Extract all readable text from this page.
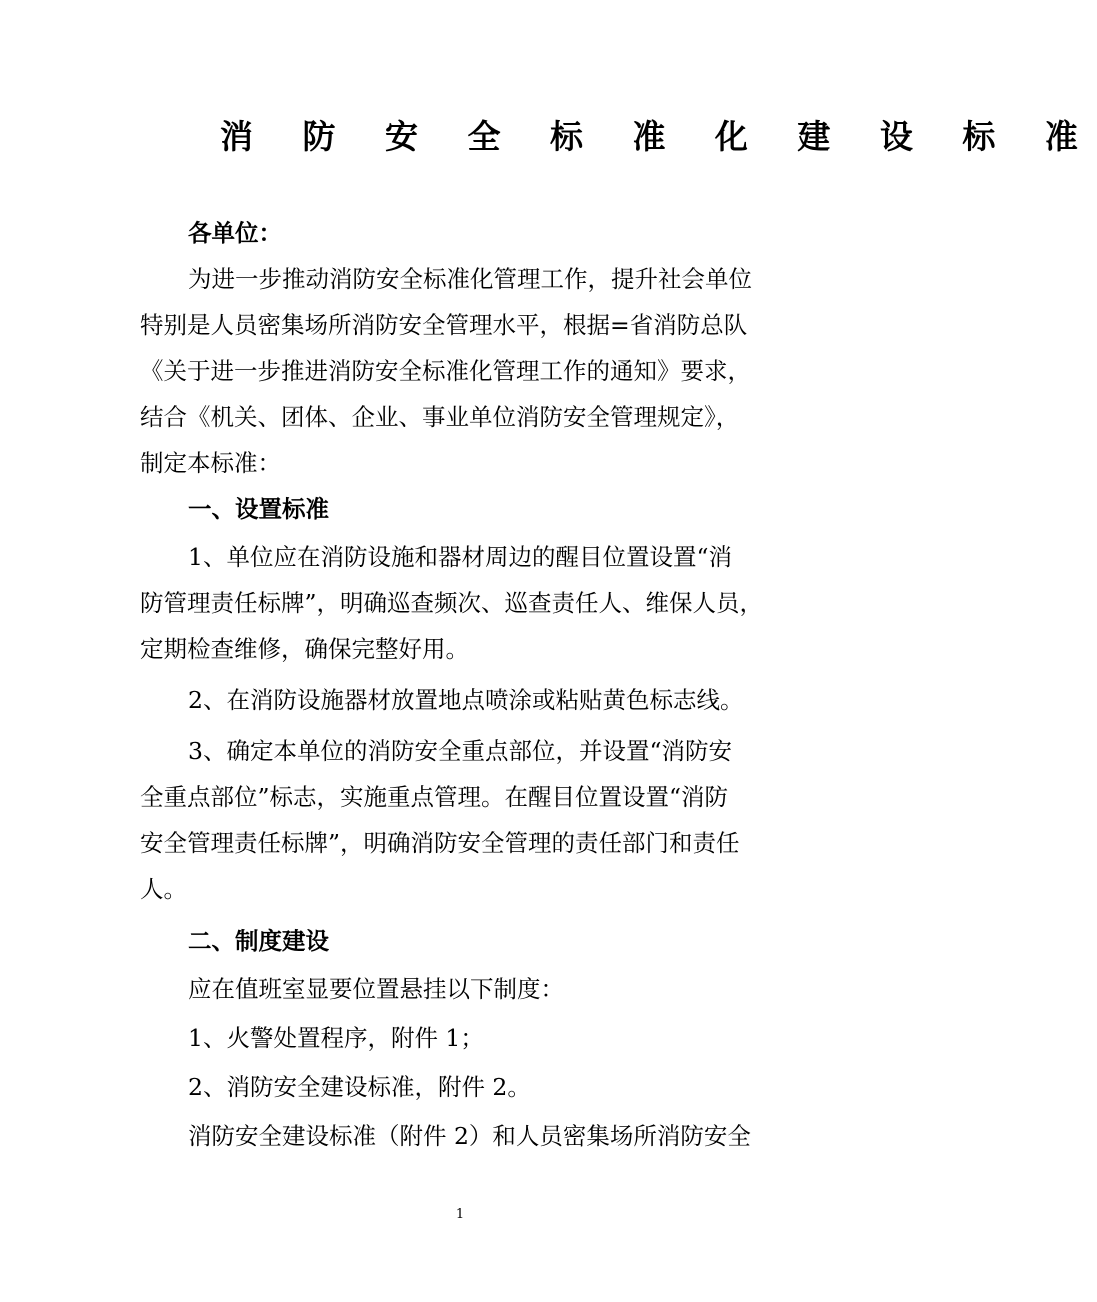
消 防 安 全 标 准 化 建 设 标 准
各单位：
为进一步推动消防安全标准化管理工作，提升社会单位
特别是人员密集场所消防安全管理水平，根据=省消防总队
《关于进一步推进消防安全标准化管理工作的通知》要求，
结合《机关、团体、企业、事业单位消防安全管理规定》，
制定本标准：
一、设置标准
1、单位应在消防设施和器材周边的醒目位置设置“消
防管理责任标牌”，明确巡查频次、巡查责任人、维保人员，
定期检查维修，确保完整好用。
2、在消防设施器材放置地点喷涂或粘贴黄色标志线。
3、确定本单位的消防安全重点部位，并设置“消防安
全重点部位”标志，实施重点管理。在醒目位置设置“消防
安全管理责任标牌”，明确消防安全管理的责任部门和责任
人。
二、制度建设
应在值班室显要位置悬挂以下制度：
1、火警处置程序，附件 1；
2、消防安全建设标准，附件 2。
消防安全建设标准（附件 2）和人员密集场所消防安全
1
